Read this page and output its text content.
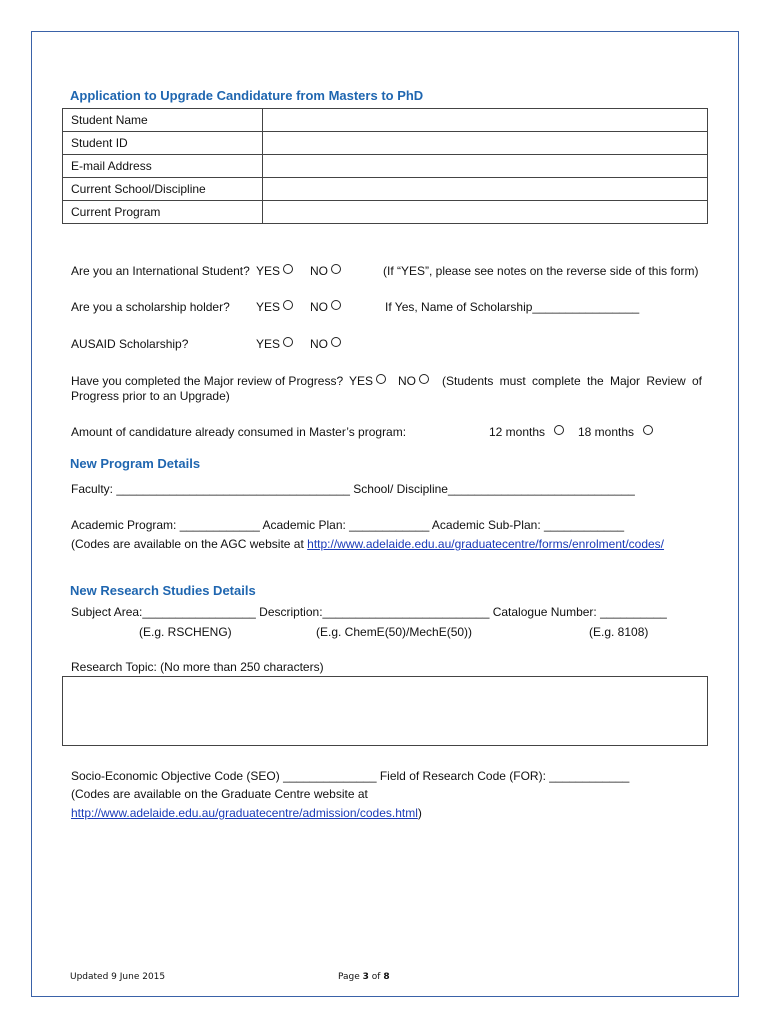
Application to Upgrade Candidature from Masters to PhD
Student Name	
Student ID	
E-mail Address	
Current School/Discipline	
Current Program	
Are you an International Student? YES	NO	(If “YES”, please see notes on the reverse side of this form)
Are you a scholarship holder? YES	NO	If Yes, Name of Scholarship________________
AUSAID Scholarship?	YES	NO
Have you completed the Major review of Progress? YES	NO	(Students must complete the Major Review of
Progress prior to an Upgrade)
Amount of candidature already consumed in Master’s program:	12 months	18 months
New Program Details
Faculty: ___________________________________ School/ Discipline____________________________
Academic Program: ____________ Academic Plan: ____________ Academic Sub-Plan: ____________
(Codes are available on the AGC website at http://www.adelaide.edu.au/graduatecentre/forms/enrolment/codes/
New Research Studies Details
Subject Area:_________________ Description:_________________________ Catalogue Number: __________
(E.g. RSCHENG)	(E.g. ChemE(50)/MechE(50))	(E.g. 8108)
Research Topic: (No more than 250 characters)
Socio-Economic Objective Code (SEO) ______________ Field of Research Code (FOR): ____________
(Codes are available on the Graduate Centre website at
http://www.adelaide.edu.au/graduatecentre/admission/codes.html)
Updated 9 June 2015	Page 3 of 8
